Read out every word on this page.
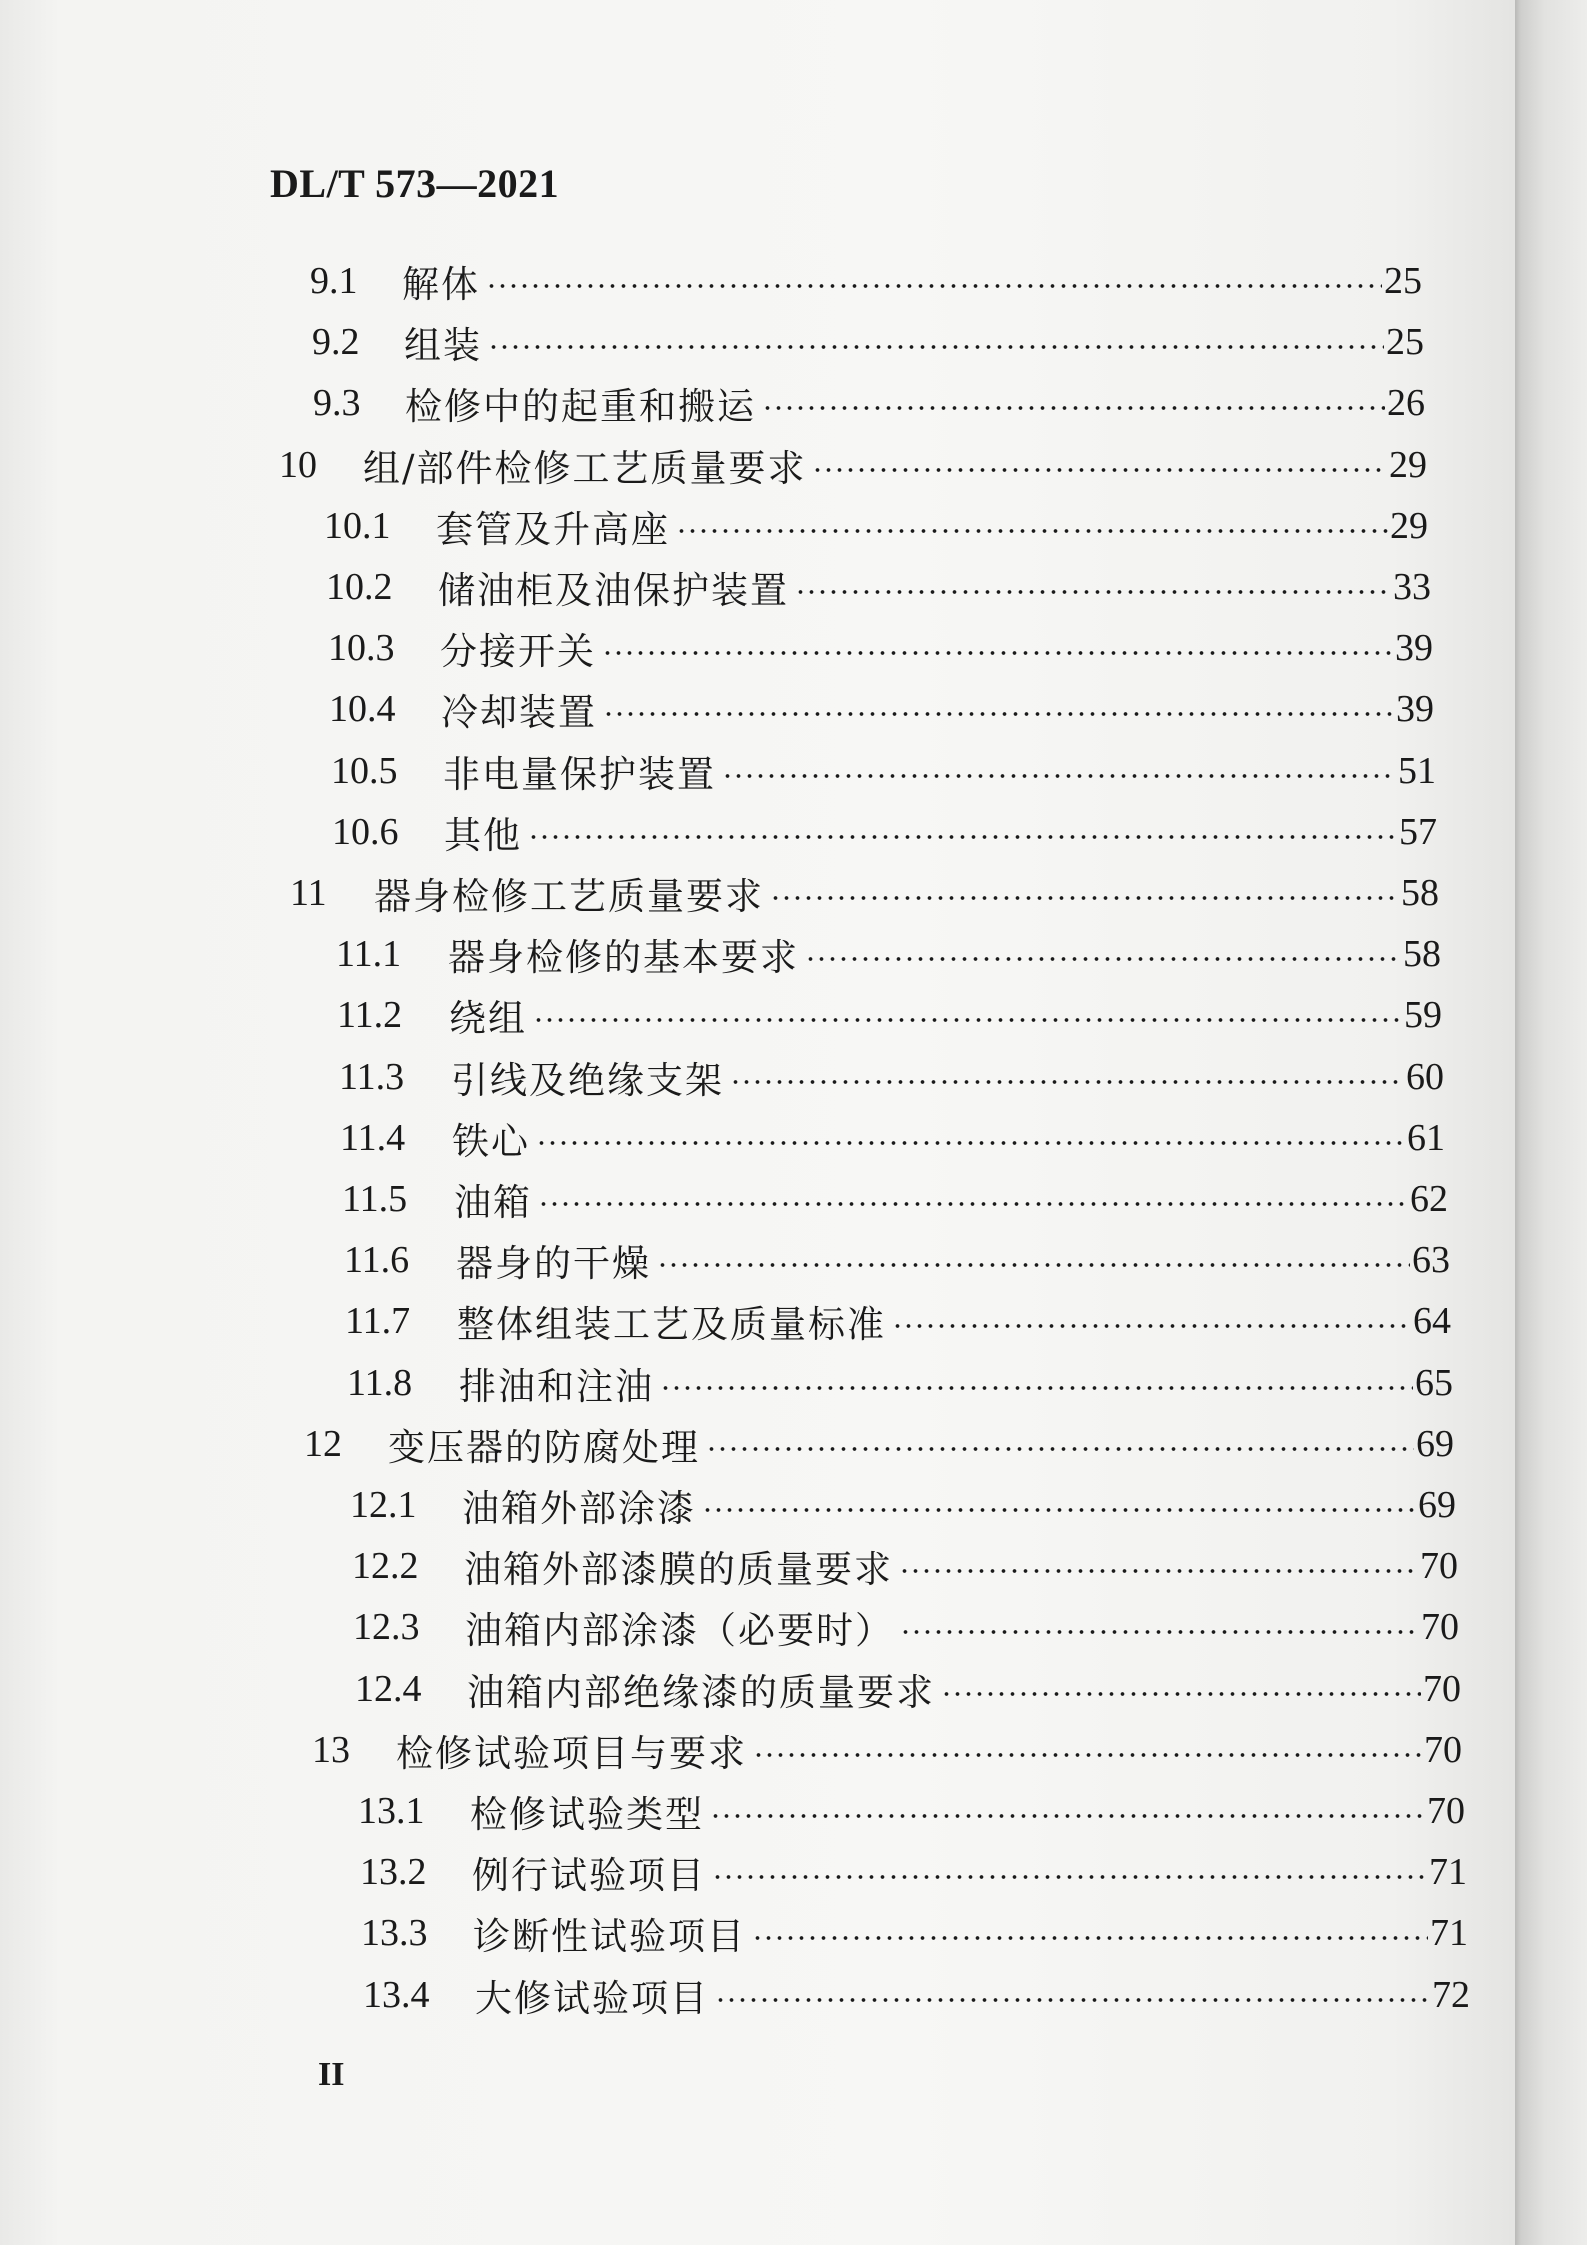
DL/T 573—2021
9.1	解体	25
9.2	组装	25
9.3	检修中的起重和搬运	26
10	组/部件检修工艺质量要求	29
10.1	套管及升高座	29
10.2	储油柜及油保护装置	33
10.3	分接开关	39
10.4	冷却装置	39
10.5	非电量保护装置	51
10.6	其他	57
11	器身检修工艺质量要求	58
11.1	器身检修的基本要求	58
11.2	绕组	59
11.3	引线及绝缘支架	60
11.4	铁心	61
11.5	油箱	62
11.6	器身的干燥	63
11.7	整体组装工艺及质量标准	64
11.8	排油和注油	65
12	变压器的防腐处理	69
12.1	油箱外部涂漆	69
12.2	油箱外部漆膜的质量要求	70
12.3	油箱内部涂漆（必要时）	70
12.4	油箱内部绝缘漆的质量要求	70
13	检修试验项目与要求	70
13.1	检修试验类型	70
13.2	例行试验项目	71
13.3	诊断性试验项目	71
13.4	大修试验项目	72
II
